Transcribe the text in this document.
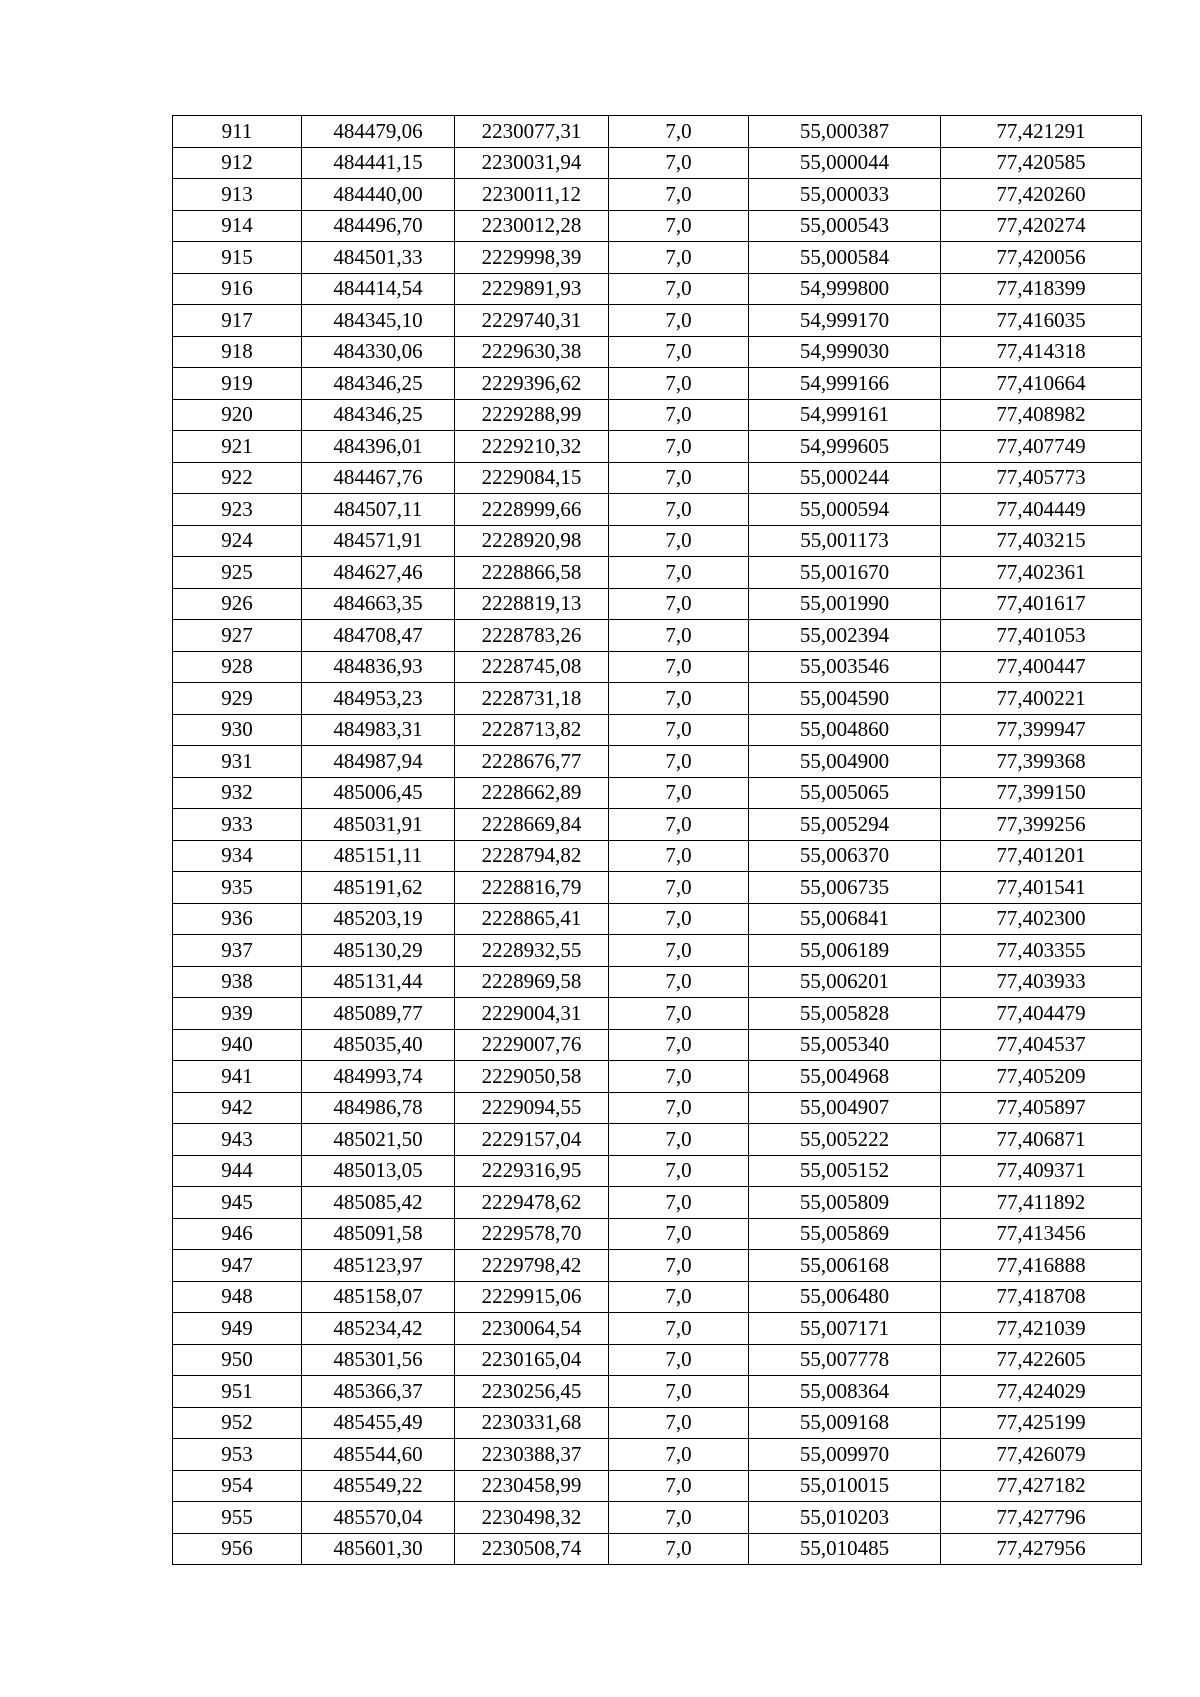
911	484479,06	2230077,31	7,0	55,000387	77,421291
912	484441,15	2230031,94	7,0	55,000044	77,420585
913	484440,00	2230011,12	7,0	55,000033	77,420260
914	484496,70	2230012,28	7,0	55,000543	77,420274
915	484501,33	2229998,39	7,0	55,000584	77,420056
916	484414,54	2229891,93	7,0	54,999800	77,418399
917	484345,10	2229740,31	7,0	54,999170	77,416035
918	484330,06	2229630,38	7,0	54,999030	77,414318
919	484346,25	2229396,62	7,0	54,999166	77,410664
920	484346,25	2229288,99	7,0	54,999161	77,408982
921	484396,01	2229210,32	7,0	54,999605	77,407749
922	484467,76	2229084,15	7,0	55,000244	77,405773
923	484507,11	2228999,66	7,0	55,000594	77,404449
924	484571,91	2228920,98	7,0	55,001173	77,403215
925	484627,46	2228866,58	7,0	55,001670	77,402361
926	484663,35	2228819,13	7,0	55,001990	77,401617
927	484708,47	2228783,26	7,0	55,002394	77,401053
928	484836,93	2228745,08	7,0	55,003546	77,400447
929	484953,23	2228731,18	7,0	55,004590	77,400221
930	484983,31	2228713,82	7,0	55,004860	77,399947
931	484987,94	2228676,77	7,0	55,004900	77,399368
932	485006,45	2228662,89	7,0	55,005065	77,399150
933	485031,91	2228669,84	7,0	55,005294	77,399256
934	485151,11	2228794,82	7,0	55,006370	77,401201
935	485191,62	2228816,79	7,0	55,006735	77,401541
936	485203,19	2228865,41	7,0	55,006841	77,402300
937	485130,29	2228932,55	7,0	55,006189	77,403355
938	485131,44	2228969,58	7,0	55,006201	77,403933
939	485089,77	2229004,31	7,0	55,005828	77,404479
940	485035,40	2229007,76	7,0	55,005340	77,404537
941	484993,74	2229050,58	7,0	55,004968	77,405209
942	484986,78	2229094,55	7,0	55,004907	77,405897
943	485021,50	2229157,04	7,0	55,005222	77,406871
944	485013,05	2229316,95	7,0	55,005152	77,409371
945	485085,42	2229478,62	7,0	55,005809	77,411892
946	485091,58	2229578,70	7,0	55,005869	77,413456
947	485123,97	2229798,42	7,0	55,006168	77,416888
948	485158,07	2229915,06	7,0	55,006480	77,418708
949	485234,42	2230064,54	7,0	55,007171	77,421039
950	485301,56	2230165,04	7,0	55,007778	77,422605
951	485366,37	2230256,45	7,0	55,008364	77,424029
952	485455,49	2230331,68	7,0	55,009168	77,425199
953	485544,60	2230388,37	7,0	55,009970	77,426079
954	485549,22	2230458,99	7,0	55,010015	77,427182
955	485570,04	2230498,32	7,0	55,010203	77,427796
956	485601,30	2230508,74	7,0	55,010485	77,427956
